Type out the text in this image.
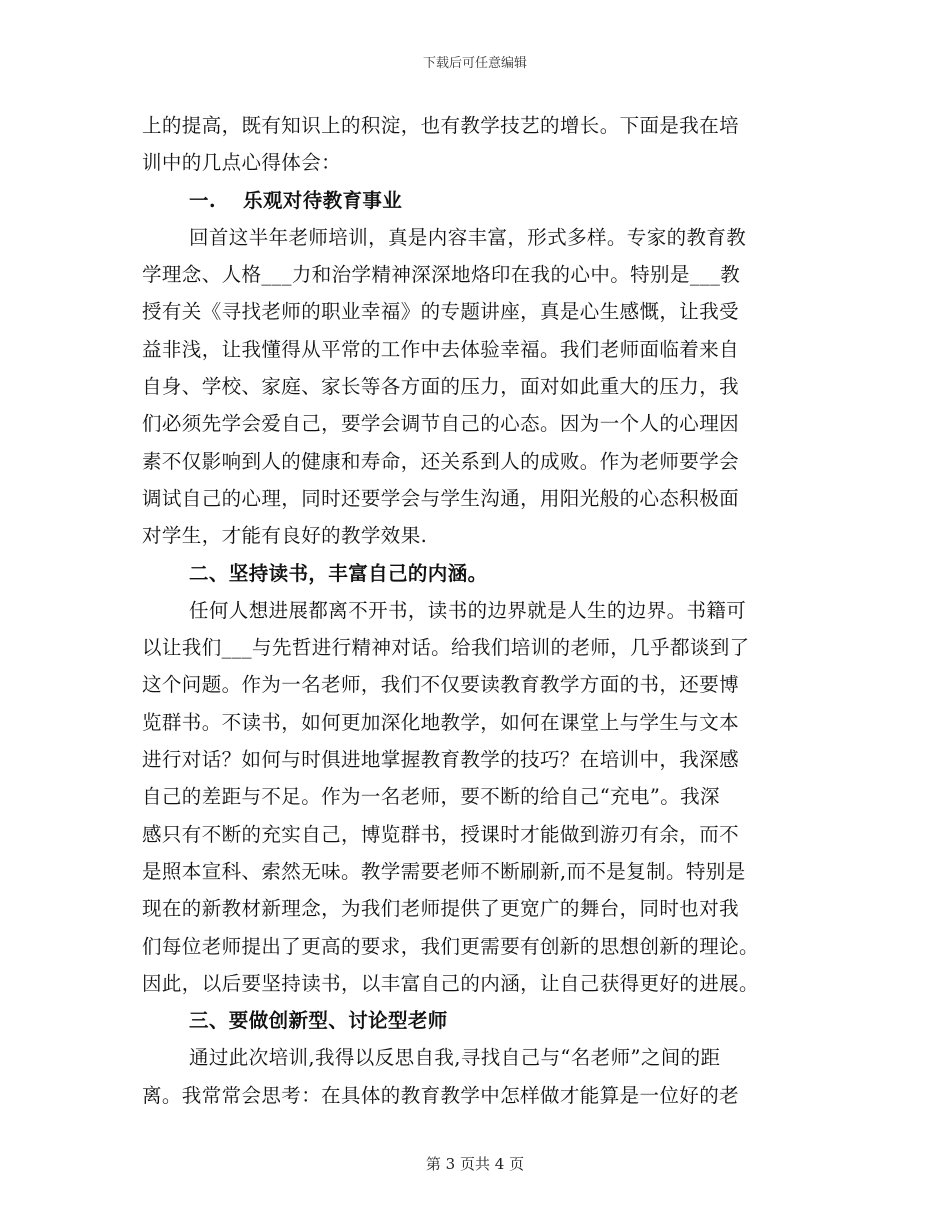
下载后可任意编辑
上的提高，既有知识上的积淀，也有教学技艺的增长。下面是我在培
训中的几点心得体会：
一. 乐观对待教育事业
回首这半年老师培训，真是内容丰富，形式多样。专家的教育教
学理念、人格___力和治学精神深深地烙印在我的心中。特别是___教
授有关《寻找老师的职业幸福》的专题讲座，真是心生感慨，让我受
益非浅，让我懂得从平常的工作中去体验幸福。我们老师面临着来自
自身、学校、家庭、家长等各方面的压力，面对如此重大的压力，我
们必须先学会爱自己，要学会调节自己的心态。因为一个人的心理因
素不仅影响到人的健康和寿命，还关系到人的成败。作为老师要学会
调试自己的心理，同时还要学会与学生沟通，用阳光般的心态积极面
对学生，才能有良好的教学效果.
二、坚持读书，丰富自己的内涵。
任何人想进展都离不开书，读书的边界就是人生的边界。书籍可
以让我们___与先哲进行精神对话。给我们培训的老师，几乎都谈到了
这个问题。作为一名老师，我们不仅要读教育教学方面的书，还要博
览群书。不读书，如何更加深化地教学，如何在课堂上与学生与文本
进行对话？如何与时俱进地掌握教育教学的技巧？在培训中，我深感
自己的差距与不足。作为一名老师，要不断的给自己“充电”。我深
感只有不断的充实自己，博览群书，授课时才能做到游刃有余，而不
是照本宣科、索然无味。教学需要老师不断刷新,而不是复制。特别是
现在的新教材新理念，为我们老师提供了更宽广的舞台，同时也对我
们每位老师提出了更高的要求，我们更需要有创新的思想创新的理论。
因此，以后要坚持读书，以丰富自己的内涵，让自己获得更好的进展。
三、要做创新型、讨论型老师
通过此次培训,我得以反思自我,寻找自己与“名老师”之间的距
离。我常常会思考：在具体的教育教学中怎样做才能算是一位好的老
第 3 页共 4 页
